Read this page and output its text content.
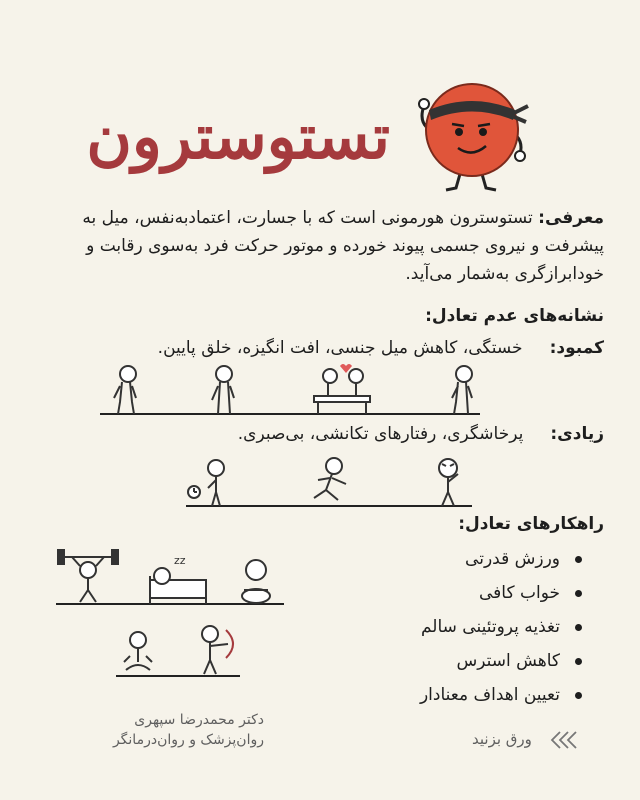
تستوسترون
معرفی: تستوسترون هورمونی است که با جسارت، اعتمادبه‌نفس، میل به پیشرفت و نیروی جسمی پیوند خورده و موتور حرکت فرد به‌سوی رقابت و خودابرازگری به‌شمار می‌آید.
نشانه‌های عدم تعادل:
کمبود:     خستگی، کاهش میل جنسی، افت انگیزه، خلق پایین.
زیادی:     پرخاشگری، رفتارهای تکانشی، بی‌صبری.
راهکارهای تعادل:
ورزش قدرتی
خواب کافی
تغذیه پروتئینی سالم
کاهش استرس
تعیین اهداف معنادار
zz
دکتر محمدرضا سپهری
روان‌پزشک و روان‌درمانگر	ورق بزنید
